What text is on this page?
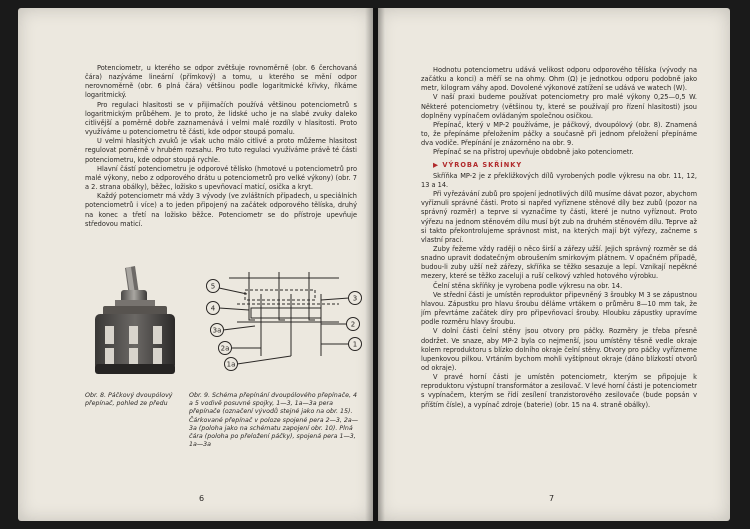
Potenciometr, u kterého se odpor zvětšuje rovnoměrně (obr. 6 čerchovaná čára) nazýváme lineární (přímkový) a tomu, u kterého se mění odpor nerovnoměrně (obr. 6 plná čára) většinou podle logaritmické křivky, říkáme logaritmický.

Pro regulaci hlasitosti se v přijimačích používá většinou potenciometrů s logaritmickým průběhem. Je to proto, že lidské ucho je na slabé zvuky daleko citlivější a poměrně dobře zaznamenává i velmi malé rozdíly v hlasitosti. Proto využíváme u potenciometru tě části, kde odpor stoupá pomalu.

U velmi hlasitých zvuků je však ucho málo citlivé a proto můžeme hlasitost regulovat poměrně v hrubém rozsahu. Pro tuto regulaci využíváme právě té části potenciometru, kde odpor stoupá rychle.

Hlavní částí potenciometru je odporové tělísko (hmotové u potenciometrů pro malé výkony, nebo z odporového drátu u potenciometrů pro velké výkony) (obr. 7 a 2. strana obálky), běžec, ložisko s upevňovací maticí, osička a kryt.

Každý potenciometr má vždy 3 vývody (ve zvláštních případech, u speciálních potenciometrů i více) a to jeden připojený na začátek odporového tělíska, druhý na konec a třetí na ložisko běžce. Potenciometr se do přístroje upevňuje středovou maticí.

5
4
3a
2a
1a
3
2
1
Obr. 8. Páčkový dvoupólový přepínač, pohled ze předu
Obr. 9. Schéma přepínání dvoupólového přepínače, 4 a 5 vodivě posuvné spojky, 1—3, 1a—3a pera přepínače (označení vývodů stejné jako na obr. 15). Čárkované přepínač v poloze spojené pera 2—3, 2a—3a (poloha jako na schématu zapojení obr. 10). Plná čára (poloha po přeložení páčky), spojená pera 1—3, 1a—3a
6

Hodnotu potenciometru udává velikost odporu odporového tělíska (vývody na začátku a konci) a měří se na ohmy. Ohm (Ω) je jednotkou odporu podobně jako metr, kilogram váhy apod. Dovolené výkonové zatížení se udává ve watech (W).

V naší praxi budeme používat potenciometry pro malé výkony 0,25—0,5 W. Některé potenciometry (většinou ty, které se používají pro řízení hlasitosti) jsou doplněny vypínačem ovládaným společnou osičkou.

Přepínač, který v MP-2 používáme, je páčkový, dvoupólový (obr. 8). Znamená to, že přepínáme přeložením páčky a současně při jednom přeložení přepínáme dva vodiče. Přepínání je znázorněno na obr. 9.

Přepínač se na přístroj upevňuje obdobně jako potenciometr.

▶ VÝROBA SKŘÍNKY

Skříňka MP-2 je z překližkových dílů vyrobených podle výkresu na obr. 11, 12, 13 a 14.

Při vyřezávání zubů pro spojení jednotlivých dílů musíme dávat pozor, abychom vyříznuli správné části. Proto si napřed vyříznene stěnové díly bez zubů (pozor na správný rozměr) a teprve si vyznačíme ty části, které je nutno vyříznout. Proto výřezu na jednom stěnovém dílu musí být zub na druhém stěnovém dílu. Teprve až si takto překontrolujeme správnost mist, na kterých mají být výřezy, začneme s vlastní prací.

Zuby řežeme vždy raději o něco širší a zářezy užší. Jejich správný rozměr se dá snadno upravit dodatečným obroušením smirkovým plátnem. V opačném případě, budou-li zuby užší než zářezy, skříňka se těžko sesazuje a lepí. Vznikají nepěkné mezery, které se těžko zaceluji a ruší celkový vzhled hotového výrobku.

Čelní stěna skříňky je vyrobena podle výkresu na obr. 14.

Ve střední části je umístěn reproduktor připevněný 3 šroubky M 3 se zápustnou hlavou. Zápustku pro hlavu šroubu děláme vrtákem o průměru 8—10 mm tak, že jím převrtáme začátek díry pro připevňovací šrouby. Hloubku zápustky upravíme podle rozměru hlavy šroubu.

V dolní části čelní stěny jsou otvory pro páčky. Rozměry je třeba přesně dodržet. Ve snaze, aby MP-2 byla co nejmenší, jsou umístěny těsně vedle okraje kolem reproduktoru s blízko dolního okraje čelní stěny. Otvory pro páčky vyřízneme lupenkovou pilkou. Vrtáním bychom mohli vyštípnout okraje (dáno blízkostí otvorů od okraje).

V pravé horní části je umístěn potenciometr, kterým se připojuje k reproduktoru výstupní transformátor a zesilovač. V levé horní části je potenciometr s vypínačem, kterým se řídí zesílení tranzistorového zesilovače (bude popsán v příštím čísle), a vypínač zdroje (baterie) (obr. 15 na 4. straně obálky).

7
